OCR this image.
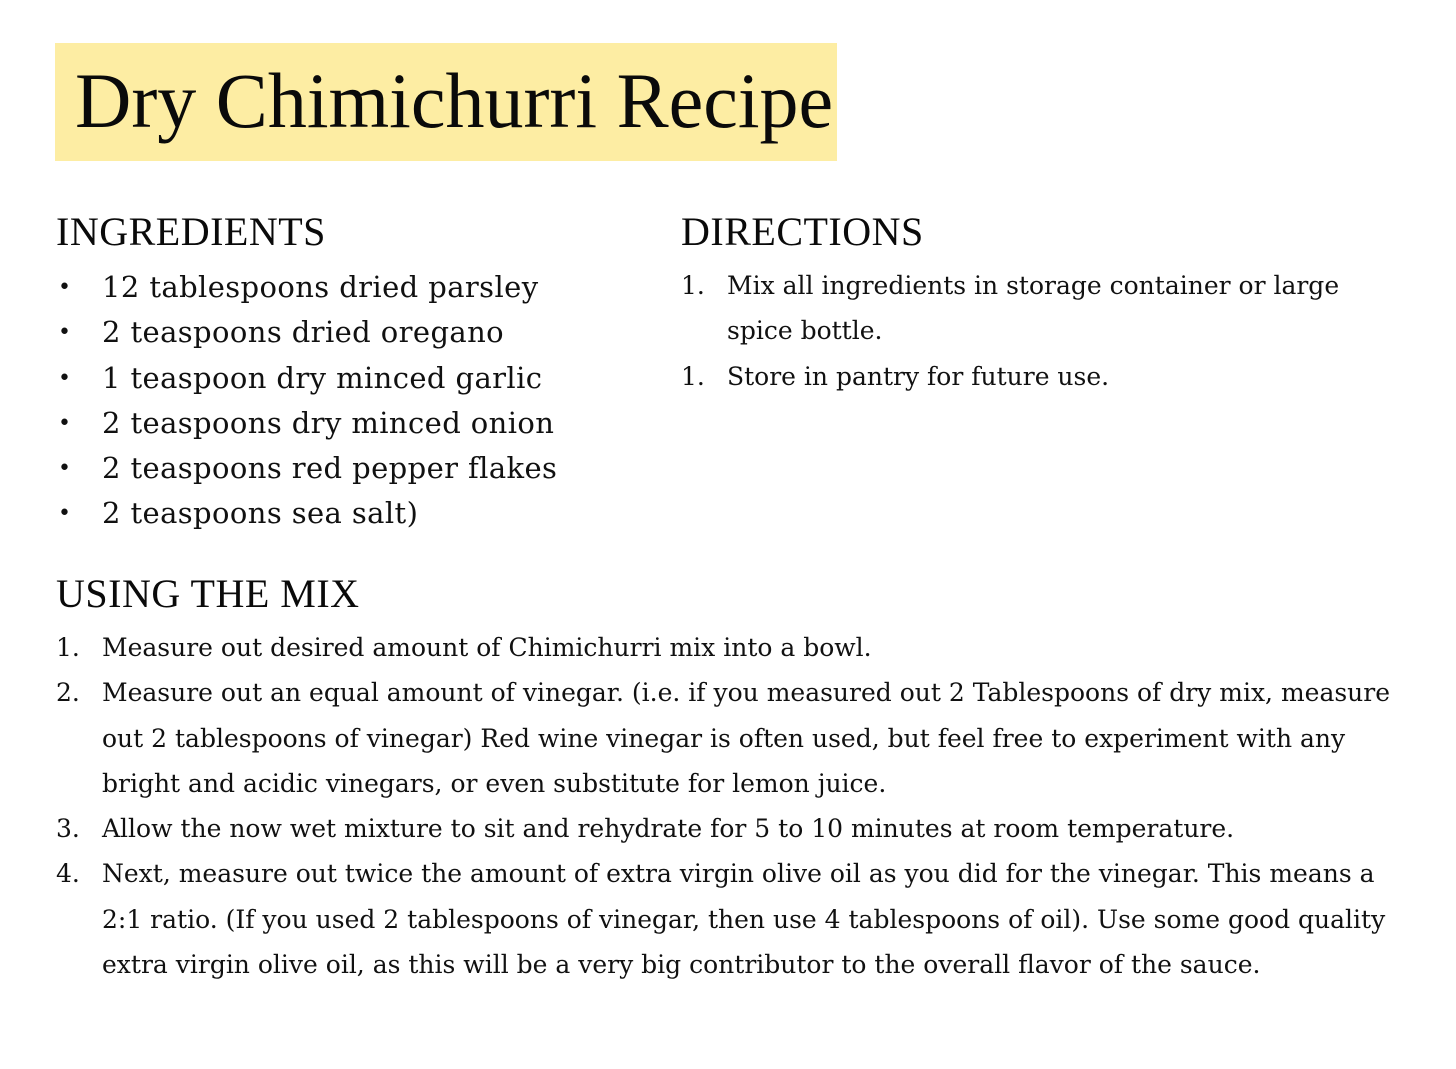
Dry Chimichurri Recipe
INGREDIENTS
• 12 tablespoons dried parsley
• 2 teaspoons dried oregano
• 1 teaspoon dry minced garlic
• 2 teaspoons dry minced onion
• 2 teaspoons red pepper flakes
• 2 teaspoons sea salt)
DIRECTIONS
1. Mix all ingredients in storage container or large spice bottle.
1. Store in pantry for future use.
USING THE MIX
1. Measure out desired amount of Chimichurri mix into a bowl.
2. Measure out an equal amount of vinegar. (i.e. if you measured out 2 Tablespoons of dry mix, measure out 2 tablespoons of vinegar) Red wine vinegar is often used, but feel free to experiment with any bright and acidic vinegars, or even substitute for lemon juice.
3. Allow the now wet mixture to sit and rehydrate for 5 to 10 minutes at room temperature.
4. Next, measure out twice the amount of extra virgin olive oil as you did for the vinegar. This means a 2:1 ratio. (If you used 2 tablespoons of vinegar, then use 4 tablespoons of oil). Use some good quality extra virgin olive oil, as this will be a very big contributor to the overall flavor of the sauce.
